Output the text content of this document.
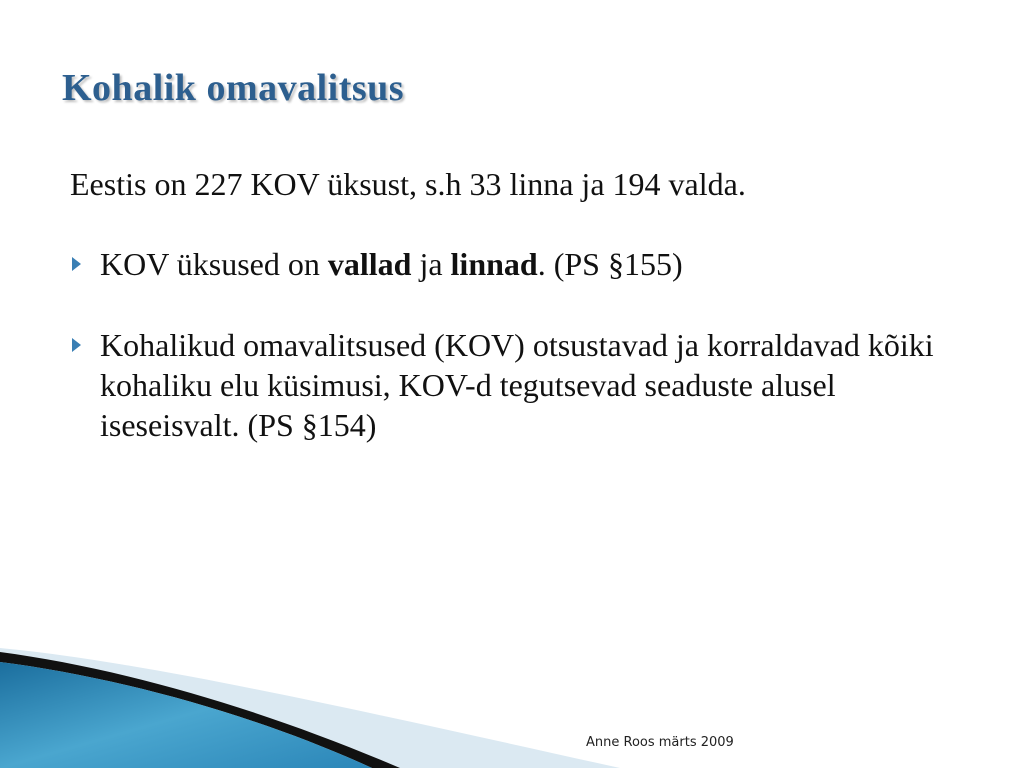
Kohalik omavalitsus

Eestis on 227 KOV üksust, s.h 33 linna ja 194 valda.

KOV üksused on vallad ja linnad. (PS §155)

Kohalikud omavalitsused (KOV) otsustavad ja korraldavad kõiki kohaliku elu küsimusi, KOV-d tegutsevad seaduste alusel iseseisvalt. (PS §154)

Anne Roos märts 2009
